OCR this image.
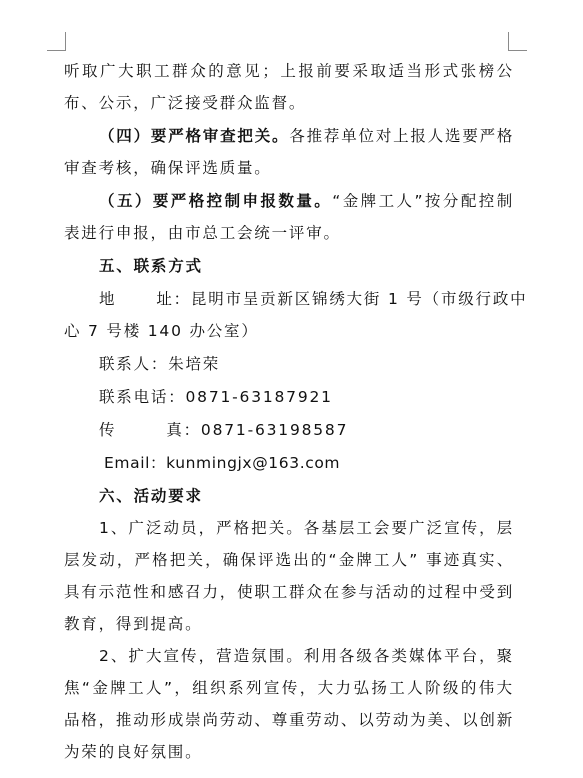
听取广大职工群众的意见；上报前要采取适当形式张榜公
布、公示，广泛接受群众监督。
（四）要严格审查把关。各推荐单位对上报人选要严格
审查考核，确保评选质量。
（五）要严格控制申报数量。“金牌工人”按分配控制
表进行申报，由市总工会统一评审。
五、联系方式
地	址：昆明市呈贡新区锦绣大街 1 号（市级行政中
心 7 号楼 140 办公室）
联系人：朱培荣
联系电话：0871-63187921
传	真：0871-63198587
Email：kunmingjx@163.com
六、活动要求
1、广泛动员，严格把关。各基层工会要广泛宣传，层
层发动，严格把关，确保评选出的“金牌工人” 事迹真实、
具有示范性和感召力，使职工群众在参与活动的过程中受到
教育，得到提高。
2、扩大宣传，营造氛围。利用各级各类媒体平台，聚
焦“金牌工人”，组织系列宣传，大力弘扬工人阶级的伟大
品格，推动形成崇尚劳动、尊重劳动、以劳动为美、以创新
为荣的良好氛围。
